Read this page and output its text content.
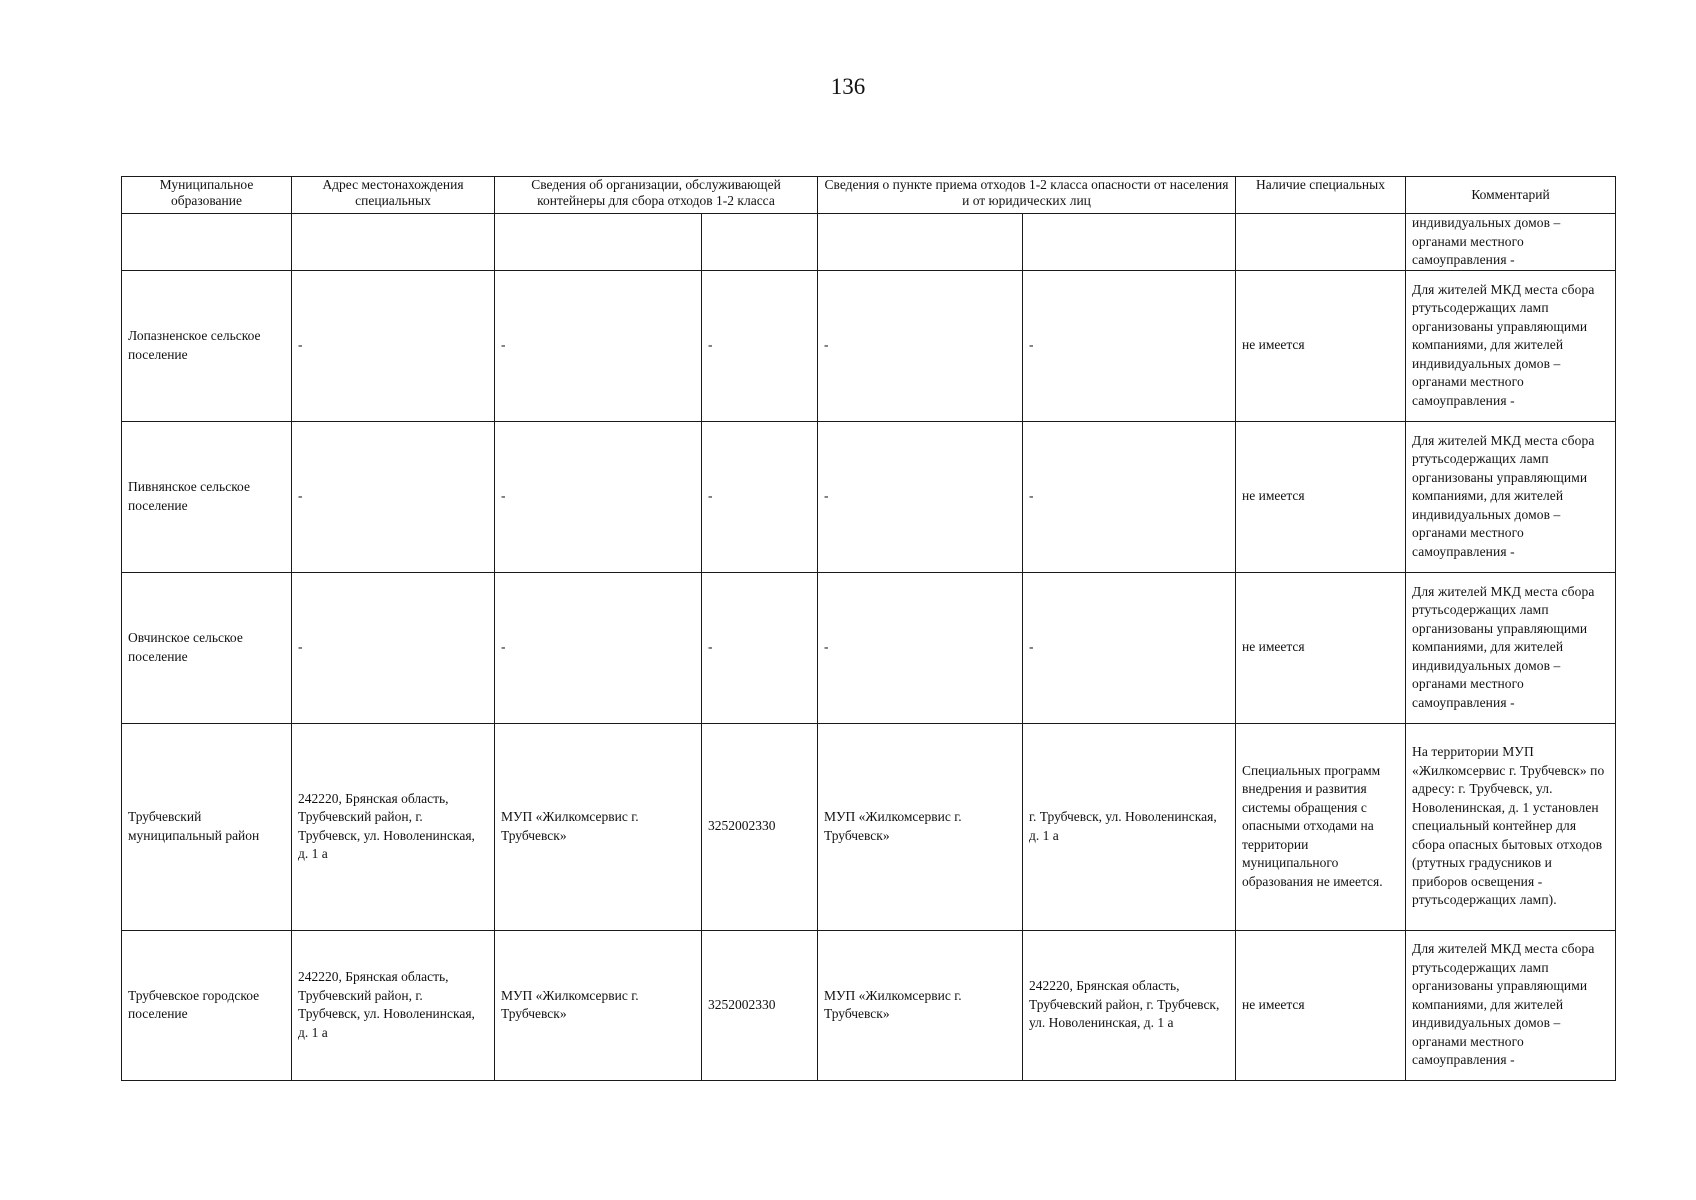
136
Муниципальное образование	Адрес местонахождения специальных	Сведения об организации, обслуживающей контейнеры для сбора отходов 1-2 класса		Сведения о пункте приема отходов 1-2 класса опасности от населения и от юридических лиц		Наличие специальных	Комментарий

							индивидуальных домов – органами местного самоуправления -
Лопазненское сельское поселение	-	-	-	-	-	не имеется	Для жителей МКД места сбора ртутьсодержащих ламп организованы управляющими компаниями, для жителей индивидуальных домов – органами местного самоуправления -
Пивнянское сельское поселение	-	-	-	-	-	не имеется	Для жителей МКД места сбора ртутьсодержащих ламп организованы управляющими компаниями, для жителей индивидуальных домов – органами местного самоуправления -
Овчинское сельское поселение	-	-	-	-	-	не имеется	Для жителей МКД места сбора ртутьсодержащих ламп организованы управляющими компаниями, для жителей индивидуальных домов – органами местного самоуправления -
Трубчевский муниципальный район	242220, Брянская область, Трубчевский район, г. Трубчевск, ул. Новоленинская, д. 1 а	МУП «Жилкомсервис г. Трубчевск»	3252002330	МУП «Жилкомсервис г. Трубчевск»	г. Трубчевск, ул. Новоленинская, д. 1 а	Специальных программ внедрения и развития системы обращения с опасными отходами на территории муниципального образования не имеется.	На территории МУП «Жилкомсервис г. Трубчевск» по адресу: г. Трубчевск, ул. Новоленинская, д. 1 установлен специальный контейнер для сбора опасных бытовых отходов (ртутных градусников и приборов освещения - ртутьсодержащих ламп).
Трубчевское городское поселение	242220, Брянская область, Трубчевский район, г. Трубчевск, ул. Новоленинская, д. 1 а	МУП «Жилкомсервис г. Трубчевск»	3252002330	МУП «Жилкомсервис г. Трубчевск»	242220, Брянская область, Трубчевский район, г. Трубчевск, ул. Новоленинская, д. 1 а	не имеется	Для жителей МКД места сбора ртутьсодержащих ламп организованы управляющими компаниями, для жителей индивидуальных домов – органами местного самоуправления -
